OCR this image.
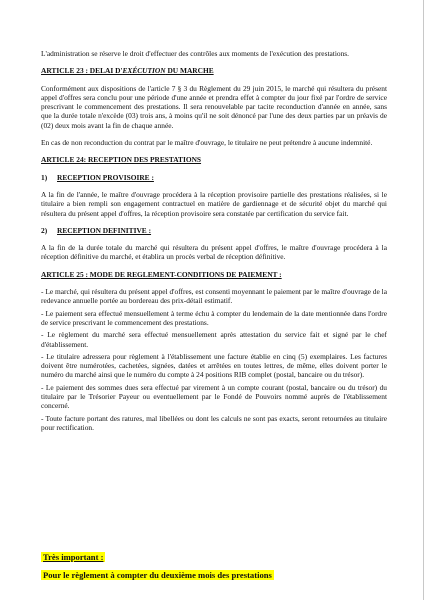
L'administration se réserve le droit d'effectuer des contrôles aux moments de l'exécution des prestations.

ARTICLE 23 : DELAI D'EXÉCUTION DU MARCHE

Conformément aux dispositions de l'article 7 § 3 du Règlement du 29 juin 2015, le marché qui résultera du présent appel d'offres sera conclu pour une période d'une année et prendra effet à compter du jour fixé par l'ordre de service prescrivant le commencement des prestations. Il sera renouvelable par tacite reconduction d'année en année, sans que la durée totale n'excède (03) trois ans, à moins qu'il ne soit dénoncé par l'une des deux parties par un préavis de (02) deux mois avant la fin de chaque année.

En cas de non reconduction du contrat par le maître d'ouvrage, le titulaire ne peut prétendre à aucune indemnité.

ARTICLE 24: RECEPTION DES PRESTATIONS
1) RECEPTION PROVISOIRE :

A la fin de l'année, le maître d'ouvrage procédera à la réception provisoire partielle des prestations réalisées, si le titulaire a bien rempli son engagement contractuel en matière de gardiennage et de sécurité objet du marché qui résultera du présent appel d'offres, la réception provisoire sera constatée par certification du service fait.

2) RECEPTION DEFINITIVE :

A la fin de la durée totale du marché qui résultera du présent appel d'offres, le maître d'ouvrage procédera à la réception définitive du marché, et établira un procès verbal de réception définitive.

ARTICLE 25 : MODE DE REGLEMENT-CONDITIONS DE PAIEMENT :

- Le marché, qui résultera du présent appel d'offres, est consenti moyennant le paiement par le maître d'ouvrage de la redevance annuelle portée au bordereau des prix-détail estimatif.

- Le paiement sera effectué mensuellement à terme échu à compter du lendemain de la date mentionnée dans l'ordre de service prescrivant le commencement des prestations.

- Le règlement du marché sera effectué mensuellement après attestation du service fait et signé par le chef d'établissement.

- Le titulaire adressera pour règlement à l'établissement une facture établie en cinq (5) exemplaires. Les factures doivent être numérotées, cachetées, signées, datées et arrêtées en toutes lettres, de même, elles doivent porter le numéro du marché ainsi que le numéro du compte à 24 positions RIB complet (postal, bancaire ou du trésor).

- Le paiement des sommes dues sera effectué par virement à un compte courant (postal, bancaire ou du trésor) du titulaire par le Trésorier Payeur ou eventuellement par le Fondé de Pouvoirs nommé auprès de l'établissement concerné.

- Toute facture portant des ratures, mal libellées ou dont les calculs ne sont pas exacts, seront retournées au titulaire pour rectification.

Très important :
Pour le règlement à compter du deuxième mois des prestations
